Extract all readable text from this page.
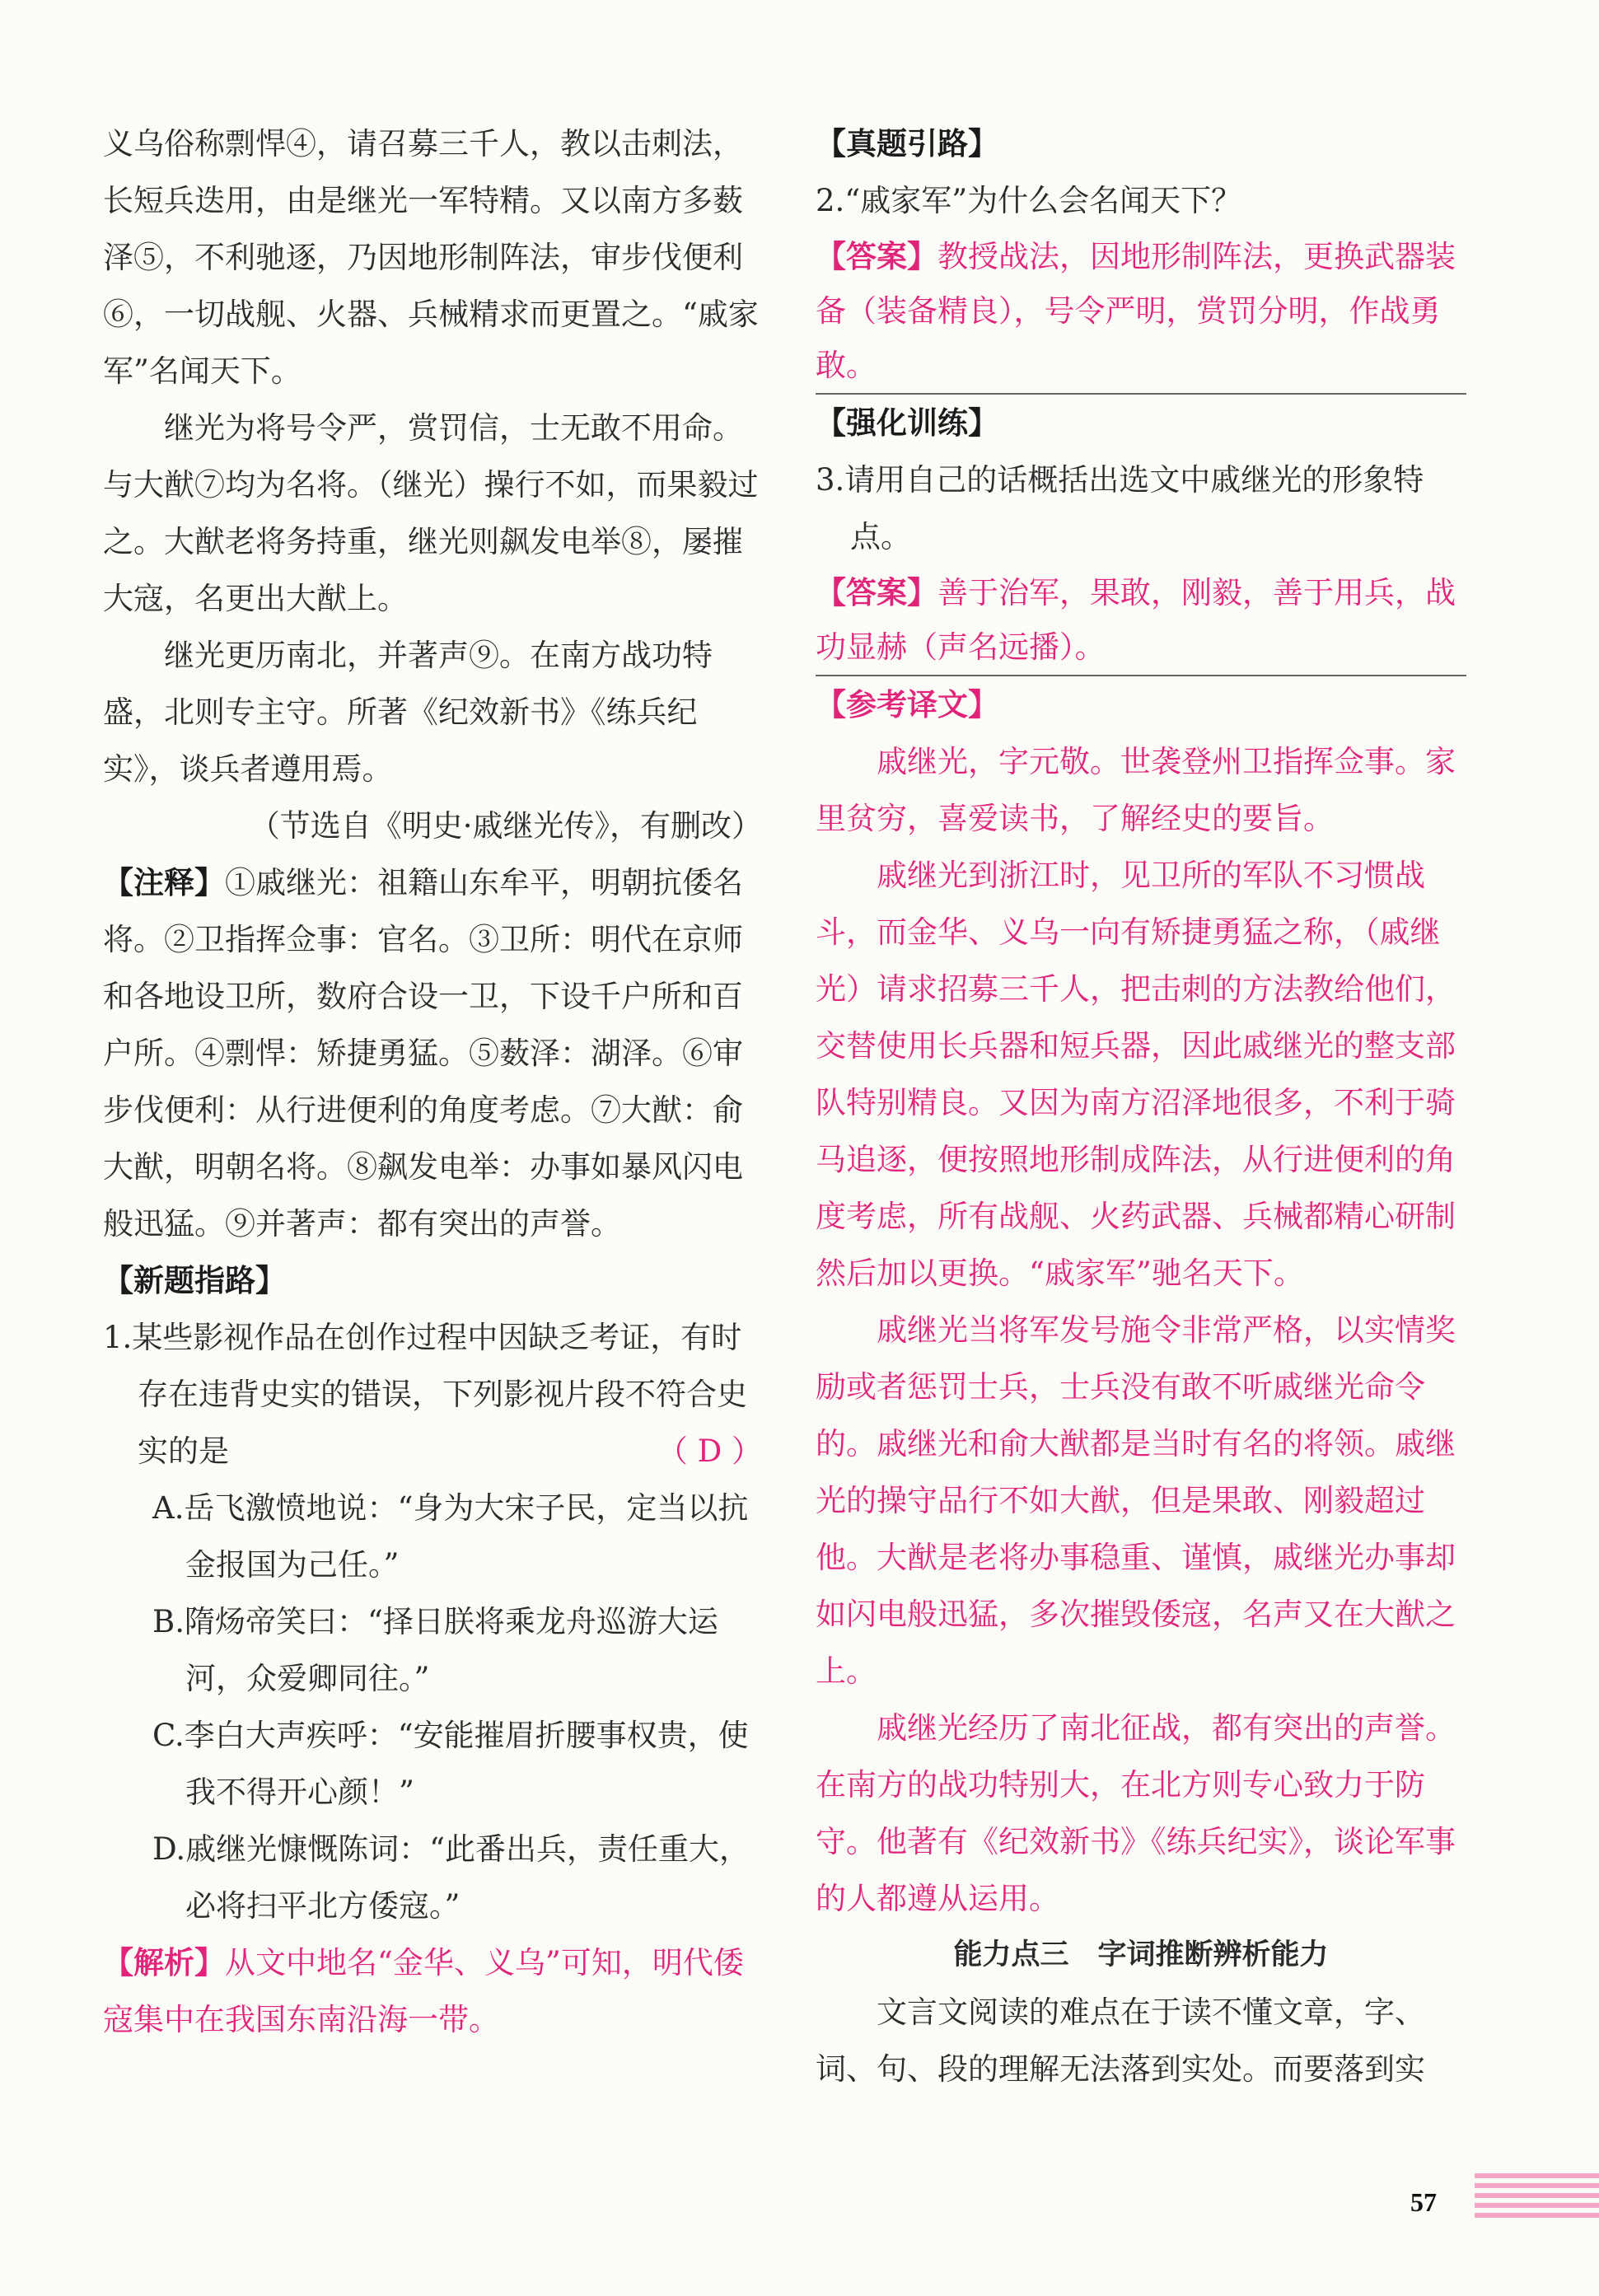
义乌俗称剽悍④，请召募三千人，教以击刺法，长短兵迭用，由是继光一军特精。又以南方多薮泽⑤，不利驰逐，乃因地形制阵法，审步伐便利⑥，一切战舰、火器、兵械精求而更置之。“戚家军”名闻天下。

继光为将号令严，赏罚信，士无敢不用命。与大猷⑦均为名将。（继光）操行不如，而果毅过之。大猷老将务持重，继光则飙发电举⑧，屡摧大寇，名更出大猷上。

继光更历南北，并著声⑨。在南方战功特盛，北则专主守。所著《纪效新书》《练兵纪实》，谈兵者遵用焉。

（节选自《明史·戚继光传》，有删改）

【注释】①戚继光：祖籍山东牟平，明朝抗倭名将。②卫指挥佥事：官名。③卫所：明代在京师和各地设卫所，数府合设一卫，下设千户所和百户所。④剽悍：矫捷勇猛。⑤薮泽：湖泽。⑥审步伐便利：从行进便利的角度考虑。⑦大猷：俞大猷，明朝名将。⑧飙发电举：办事如暴风闪电般迅猛。⑨并著声：都有突出的声誉。

【新题指路】

1.某些影视作品在创作过程中因缺乏考证，有时存在违背史实的错误，下列影视片段不符合史实的是	（ D ）

A.岳飞激愤地说：“身为大宋子民，定当以抗金报国为己任。”

B.隋炀帝笑曰：“择日朕将乘龙舟巡游大运河，众爱卿同往。”

C.李白大声疾呼：“安能摧眉折腰事权贵，使我不得开心颜！”

D.戚继光慷慨陈词：“此番出兵，责任重大，必将扫平北方倭寇。”

【解析】从文中地名“金华、义乌”可知，明代倭寇集中在我国东南沿海一带。

【真题引路】

2.“戚家军”为什么会名闻天下？

【答案】教授战法，因地形制阵法，更换武器装备（装备精良），号令严明，赏罚分明，作战勇敢。

【强化训练】

3.请用自己的话概括出选文中戚继光的形象特点。

【答案】善于治军，果敢，刚毅，善于用兵，战功显赫（声名远播）。

【参考译文】

戚继光，字元敬。世袭登州卫指挥佥事。家里贫穷，喜爱读书，了解经史的要旨。

戚继光到浙江时，见卫所的军队不习惯战斗，而金华、义乌一向有矫捷勇猛之称，（戚继光）请求招募三千人，把击刺的方法教给他们，交替使用长兵器和短兵器，因此戚继光的整支部队特别精良。又因为南方沼泽地很多，不利于骑马追逐，便按照地形制成阵法，从行进便利的角度考虑，所有战舰、火药武器、兵械都精心研制然后加以更换。“戚家军”驰名天下。

戚继光当将军发号施令非常严格，以实情奖励或者惩罚士兵，士兵没有敢不听戚继光命令的。戚继光和俞大猷都是当时有名的将领。戚继光的操守品行不如大猷，但是果敢、刚毅超过他。大猷是老将办事稳重、谨慎，戚继光办事却如闪电般迅猛，多次摧毁倭寇，名声又在大猷之上。

戚继光经历了南北征战，都有突出的声誉。在南方的战功特别大，在北方则专心致力于防守。他著有《纪效新书》《练兵纪实》，谈论军事的人都遵从运用。

能力点三　字词推断辨析能力

文言文阅读的难点在于读不懂文章，字、词、句、段的理解无法落到实处。而要落到实

57
